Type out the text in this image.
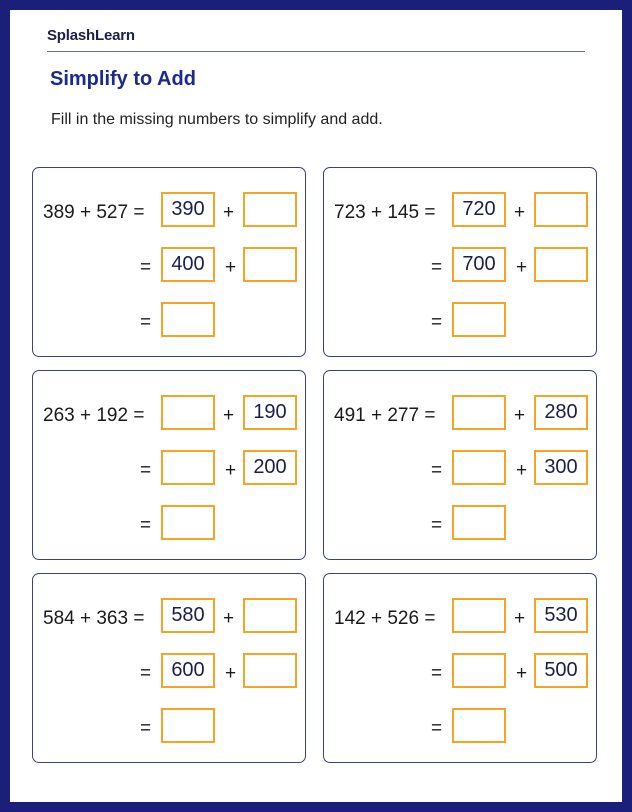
SplashLearn
Simplify to Add
Fill in the missing numbers to simplify and add.
389 + 527 =	390 +
=	400	+
=
723 + 145 =	720 +
=	700	+
=
263 + 192 =	+ 190
=	+ 200
=
491 + 277 =	+ 280
=	+ 300
=
584 + 363 =	580 +
=	600	+
=
142 + 526 =	+ 530
=	+ 500
=
